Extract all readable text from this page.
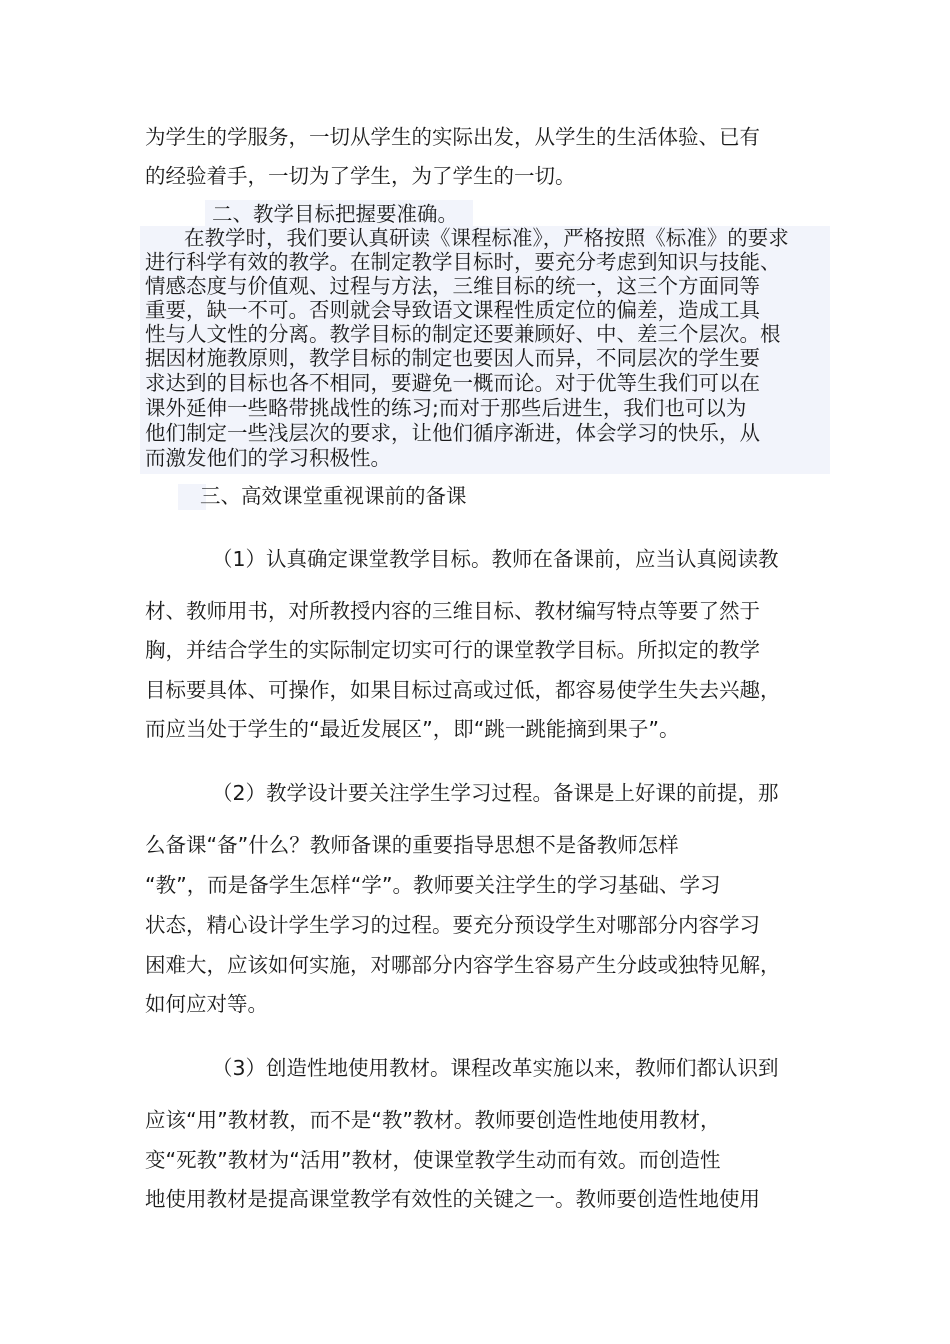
为学生的学服务，一切从学生的实际出发，从学生的生活体验、已有
的经验着手，一切为了学生，为了学生的一切。
二、教学目标把握要准确。
在教学时，我们要认真研读《课程标准》，严格按照《标准》的要求
进行科学有效的教学。在制定教学目标时，要充分考虑到知识与技能、
情感态度与价值观、过程与方法，三维目标的统一，这三个方面同等
重要，缺一不可。否则就会导致语文课程性质定位的偏差，造成工具
性与人文性的分离。教学目标的制定还要兼顾好、中、差三个层次。根
据因材施教原则，教学目标的制定也要因人而异，不同层次的学生要
求达到的目标也各不相同，要避免一概而论。对于优等生我们可以在
课外延伸一些略带挑战性的练习;而对于那些后进生，我们也可以为
他们制定一些浅层次的要求，让他们循序渐进，体会学习的快乐，从
而激发他们的学习积极性。
三、高效课堂重视课前的备课
（1）认真确定课堂教学目标。教师在备课前，应当认真阅读教
材、教师用书，对所教授内容的三维目标、教材编写特点等要了然于
胸，并结合学生的实际制定切实可行的课堂教学目标。所拟定的教学
目标要具体、可操作，如果目标过高或过低，都容易使学生失去兴趣，
而应当处于学生的“最近发展区”，即“跳一跳能摘到果子”。
（2）教学设计要关注学生学习过程。备课是上好课的前提，那
么备课“备”什么？教师备课的重要指导思想不是备教师怎样
“教”，而是备学生怎样“学”。教师要关注学生的学习基础、学习
状态，精心设计学生学习的过程。要充分预设学生对哪部分内容学习
困难大，应该如何实施，对哪部分内容学生容易产生分歧或独特见解，
如何应对等。
（3）创造性地使用教材。课程改革实施以来，教师们都认识到
应该“用”教材教，而不是“教”教材。教师要创造性地使用教材，
变“死教”教材为“活用”教材，使课堂教学生动而有效。而创造性
地使用教材是提高课堂教学有效性的关键之一。教师要创造性地使用
